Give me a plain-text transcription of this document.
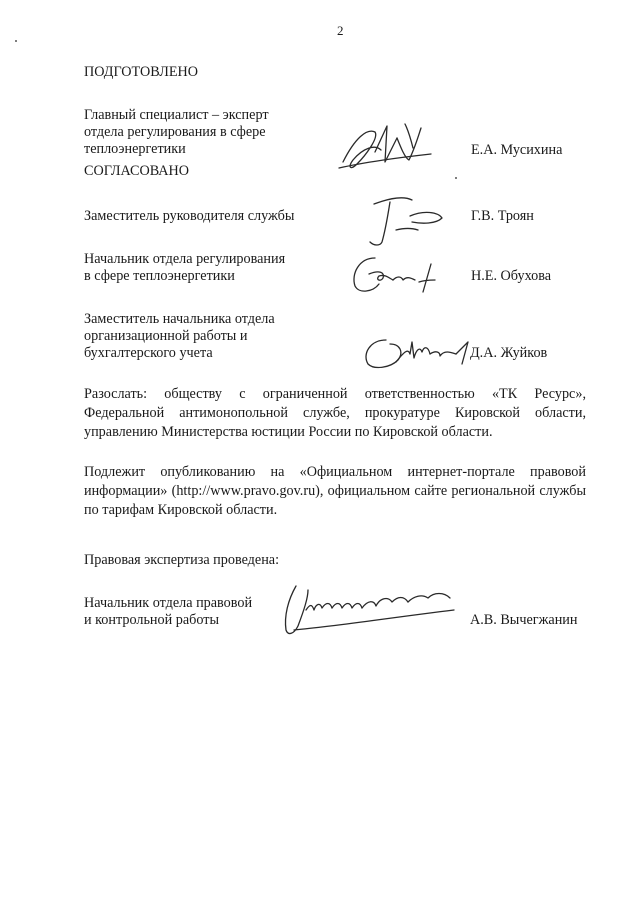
2
ПОДГОТОВЛЕНО
Главный специалист – эксперт
отдела регулирования в сфере
теплоэнергетики	Е.А. Мусихина
СОГЛАСОВАНО
Заместитель руководителя службы	Г.В. Троян
Начальник отдела регулирования
в сфере теплоэнергетики	Н.Е. Обухова
Заместитель начальника отдела
организационной работы и
бухгалтерского учета	Д.А. Жуйков
Разослать: обществу с ограниченной ответственностью «ТК Ресурс», Федеральной антимонопольной службе, прокуратуре Кировской области, управлению Министерства юстиции России по Кировской области.
Подлежит опубликованию на «Официальном интернет-портале правовой информации» (http://www.pravo.gov.ru), официальном сайте региональной службы по тарифам Кировской области.
Правовая экспертиза проведена:
Начальник отдела правовой
и контрольной работы	А.В. Вычегжанин
